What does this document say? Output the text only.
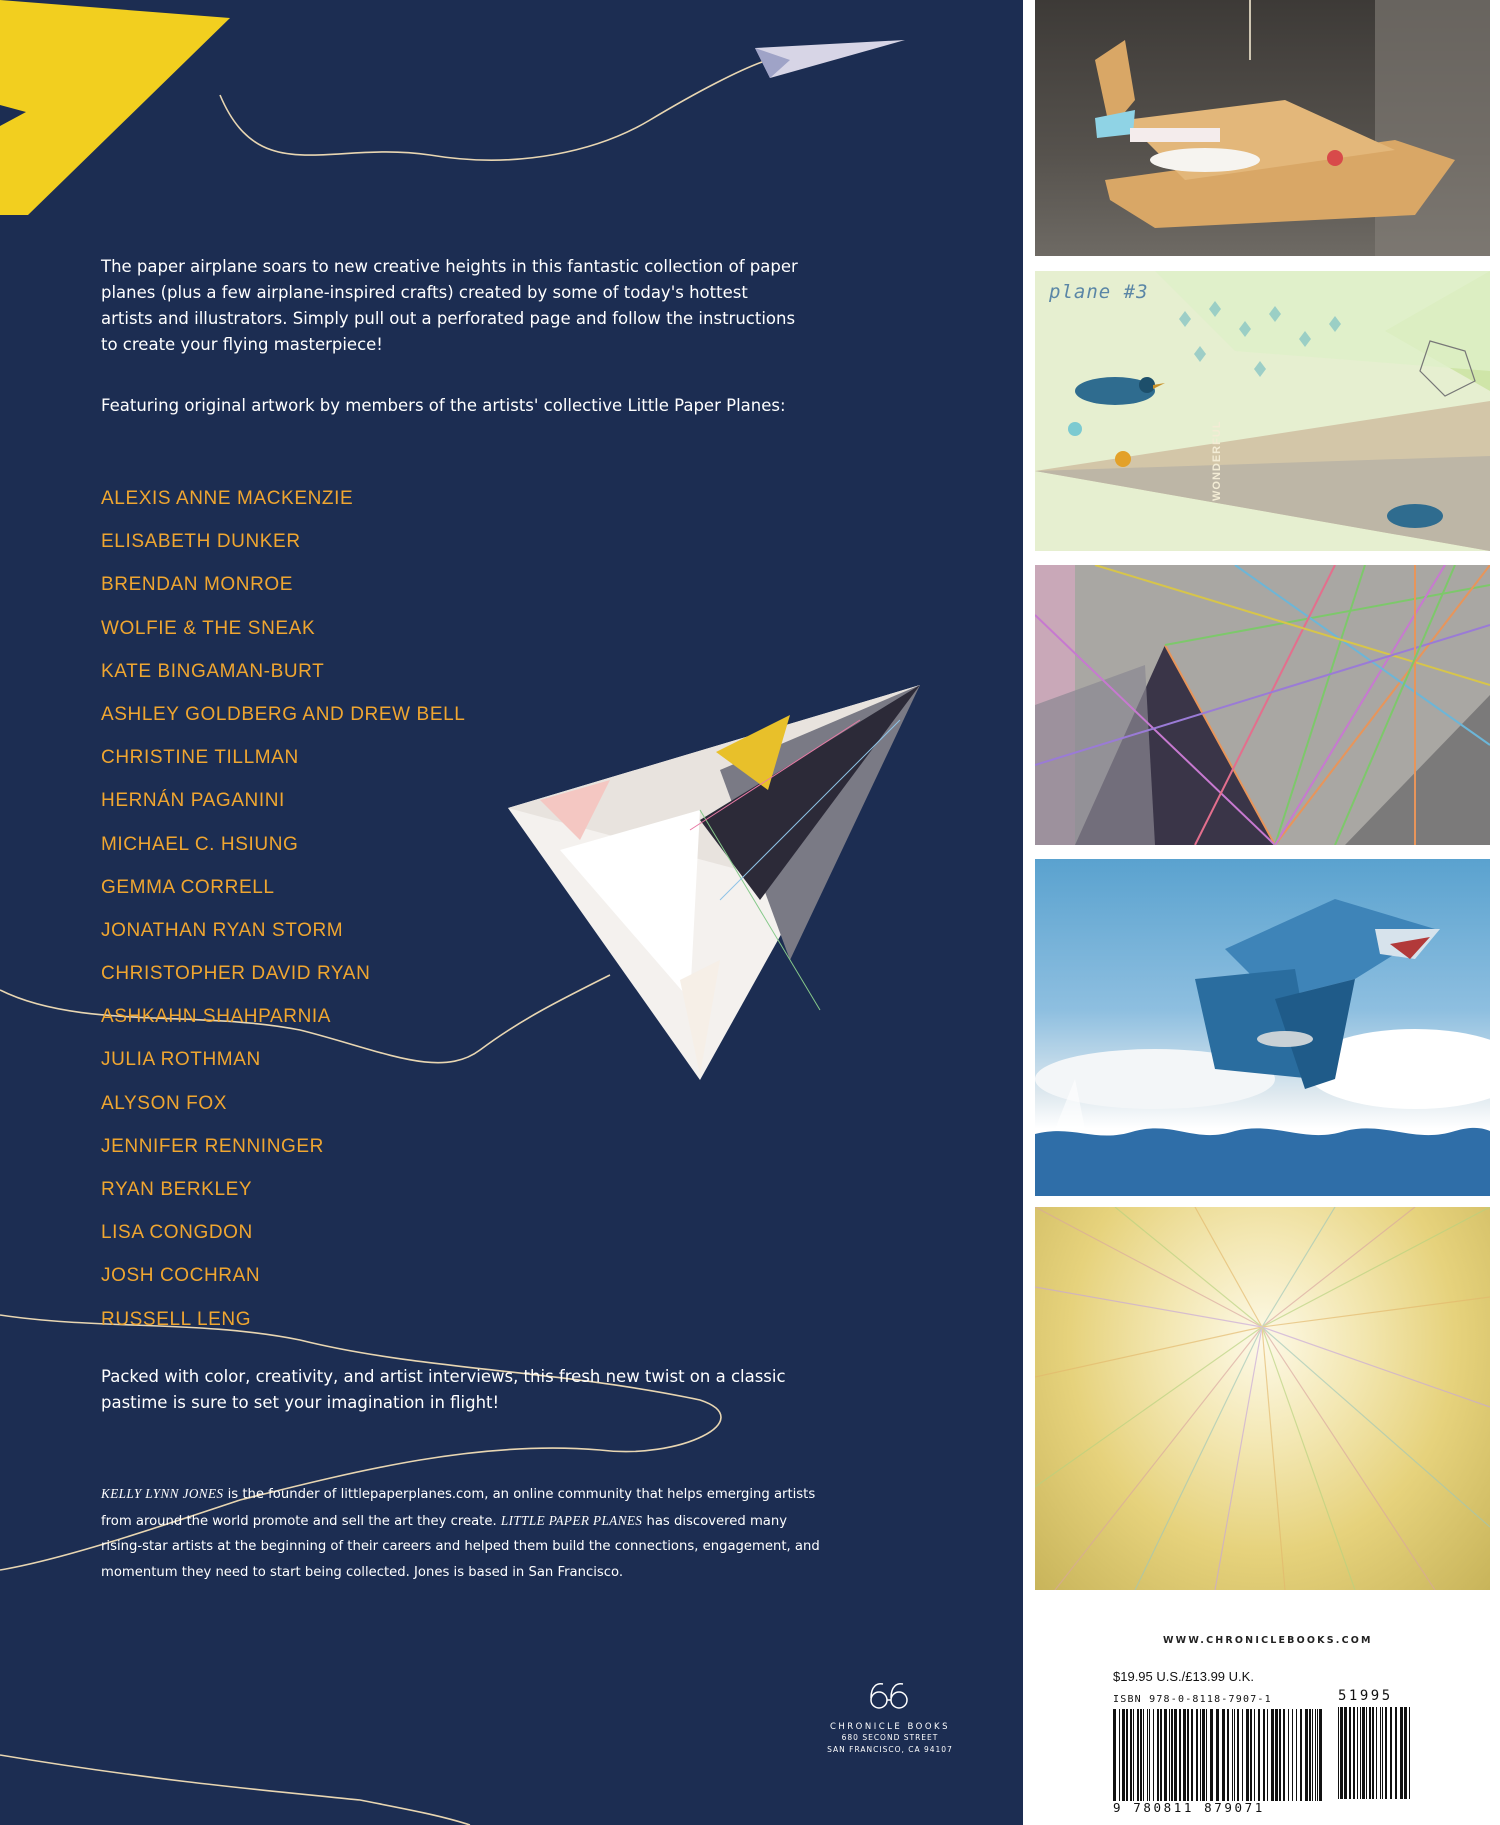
The paper airplane soars to new creative heights in this fantastic collection of paper planes (plus a few airplane-inspired crafts) created by some of today's hottest artists and illustrators. Simply pull out a perforated page and follow the instructions to create your flying masterpiece!
Featuring original artwork by members of the artists' collective Little Paper Planes:
ALEXIS ANNE MACKENZIE
ELISABETH DUNKER
BRENDAN MONROE
WOLFIE & THE SNEAK
KATE BINGAMAN-BURT
ASHLEY GOLDBERG AND DREW BELL
CHRISTINE TILLMAN
HERNÁN PAGANINI
MICHAEL C. HSIUNG
GEMMA CORRELL
JONATHAN RYAN STORM
CHRISTOPHER DAVID RYAN
ASHKAHN SHAHPARNIA
JULIA ROTHMAN
ALYSON FOX
JENNIFER RENNINGER
RYAN BERKLEY
LISA CONGDON
JOSH COCHRAN
RUSSELL LENG
Packed with color, creativity, and artist interviews, this fresh new twist on a classic pastime is sure to set your imagination in flight!
KELLY LYNN JONES is the founder of littlepaperplanes.com, an online community that helps emerging artists from around the world promote and sell the art they create. LITTLE PAPER PLANES has discovered many rising-star artists at the beginning of their careers and helped them build the connections, engagement, and momentum they need to start being collected. Jones is based in San Francisco.
CHRONICLE BOOKS
680 SECOND STREET
SAN FRANCISCO, CA 94107
plane #3
WONDERFUL
WWW.CHRONICLEBOOKS.COM
$19.95 U.S./£13.99 U.K.
ISBN 978-0-8118-7907-1	51995
9 780811 879071
